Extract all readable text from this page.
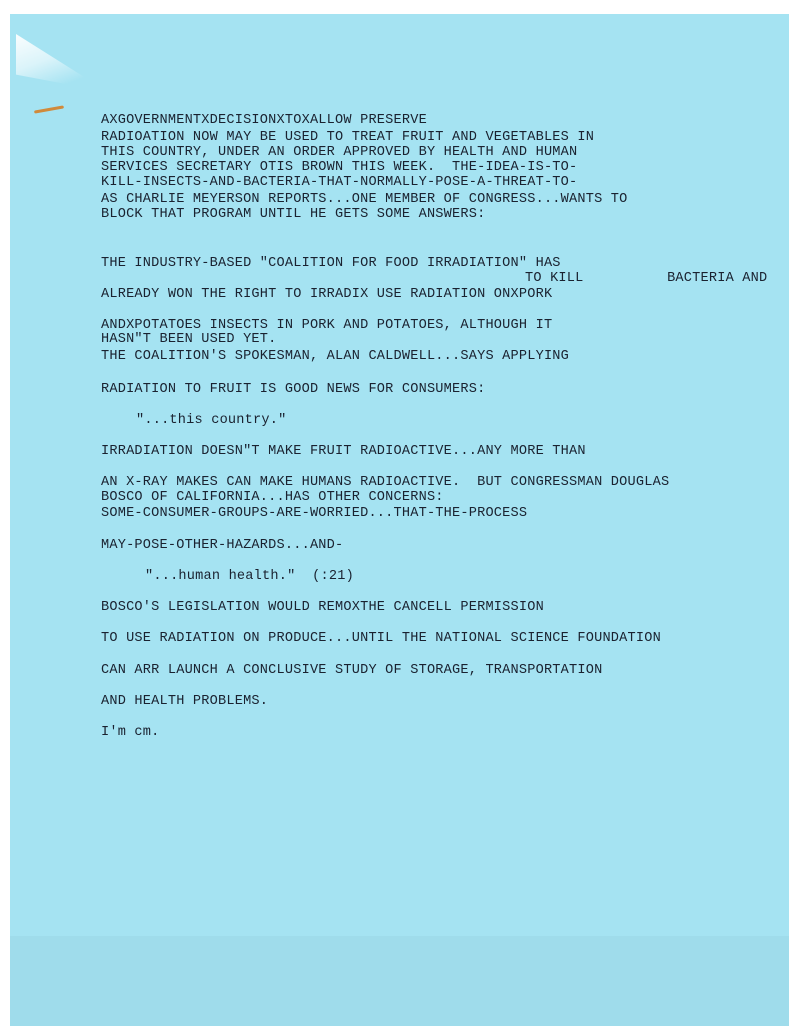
AXGOVERNMENTXDECISIONXTOXALLOW PRESERVE
RADIOATION NOW MAY BE USED TO TREAT FRUIT AND VEGETABLES IN
THIS COUNTRY, UNDER AN ORDER APPROVED BY HEALTH AND HUMAN
SERVICES SECRETARY OTIS BROWN THIS WEEK.  THE-IDEA-IS-TO-
KILL-INSECTS-AND-BACTERIA-THAT-NORMALLY-POSE-A-THREAT-TO-
AS CHARLIE MEYERSON REPORTS...ONE MEMBER OF CONGRESS...WANTS TO
BLOCK THAT PROGRAM UNTIL HE GETS SOME ANSWERS:
THE INDUSTRY-BASED "COALITION FOR FOOD IRRADIATION" HAS
TO KILL          BACTERIA AND
ALREADY WON THE RIGHT TO IRRADIX USE RADIATION ONXPORK
ANDXPOTATOES INSECTS IN PORK AND POTATOES, ALTHOUGH IT
HASN"T BEEN USED YET.
THE COALITION'S SPOKESMAN, ALAN CALDWELL...SAYS APPLYING
RADIATION TO FRUIT IS GOOD NEWS FOR CONSUMERS:
"...this country."
IRRADIATION DOESN"T MAKE FRUIT RADIOACTIVE...ANY MORE THAN
AN X-RAY MAKES CAN MAKE HUMANS RADIOACTIVE.  BUT CONGRESSMAN DOUGLAS
BOSCO OF CALIFORNIA...HAS OTHER CONCERNS:
SOME-CONSUMER-GROUPS-ARE-WORRIED...THAT-THE-PROCESS
MAY-POSE-OTHER-HAZARDS...AND-
"...human health."  (:21)
BOSCO'S LEGISLATION WOULD REMOXTHE CANCELL PERMISSION
TO USE RADIATION ON PRODUCE...UNTIL THE NATIONAL SCIENCE FOUNDATION
CAN ARR LAUNCH A CONCLUSIVE STUDY OF STORAGE, TRANSPORTATION
AND HEALTH PROBLEMS.
I'm cm.
